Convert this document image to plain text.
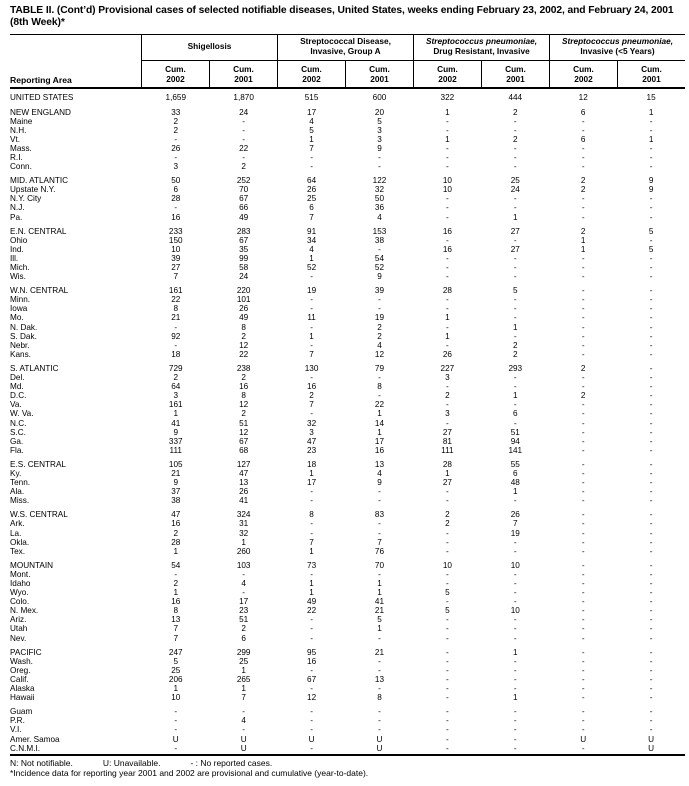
TABLE II. (Cont’d) Provisional cases of selected notifiable diseases, United States, weeks ending February 23, 2002, and February 24, 2001
(8th Week)*
Reporting Area
Shigellosis
Cum.
2002
Cum.
2001
Streptococcal Disease,
Invasive, Group A
Cum.
2002
Cum.
2001
Streptococcus pneumoniae,
Drug Resistant, Invasive
Cum.
2002
Cum.
2001
Streptococcus pneumoniae,
Invasive (<5 Years)
Cum.
2002
Cum.
2001
UNITED STATES	1,659	1,870	515	600	322	444	12	15
NEW ENGLAND	33	24	17	20	1	2	6	1
Maine	2	-	4	5	-	-	-	-
N.H.	2	-	5	3	-	-	-	-
Vt.	-	-	1	3	1	2	6	1
Mass.	26	22	7	9	-	-	-	-
R.I.	-	-	-	-	-	-	-	-
Conn.	3	2	-	-	-	-	-	-
MID. ATLANTIC	50	252	64	122	10	25	2	9
Upstate N.Y.	6	70	26	32	10	24	2	9
N.Y. City	28	67	25	50	-	-	-	-
N.J.	-	66	6	36	-	-	-	-
Pa.	16	49	7	4	-	1	-	-
E.N. CENTRAL	233	283	91	153	16	27	2	5
Ohio	150	67	34	38	-	-	1	-
Ind.	10	35	4	-	16	27	1	5
Ill.	39	99	1	54	-	-	-	-
Mich.	27	58	52	52	-	-	-	-
Wis.	7	24	-	9	-	-	-	-
W.N. CENTRAL	161	220	19	39	28	5	-	-
Minn.	22	101	-	-	-	-	-	-
Iowa	8	26	-	-	-	-	-	-
Mo.	21	49	11	19	1	-	-	-
N. Dak.	-	8	-	2	-	1	-	-
S. Dak.	92	2	1	2	1	-	-	-
Nebr.	-	12	-	4	-	2	-	-
Kans.	18	22	7	12	26	2	-	-
S. ATLANTIC	729	238	130	79	227	293	2	-
Del.	2	2	-	-	3	-	-	-
Md.	64	16	16	8	-	-	-	-
D.C.	3	8	2	-	2	1	2	-
Va.	161	12	7	22	-	-	-	-
W. Va.	1	2	-	1	3	6	-	-
N.C.	41	51	32	14	-	-	-	-
S.C.	9	12	3	1	27	51	-	-
Ga.	337	67	47	17	81	94	-	-
Fla.	111	68	23	16	111	141	-	-
E.S. CENTRAL	105	127	18	13	28	55	-	-
Ky.	21	47	1	4	1	6	-	-
Tenn.	9	13	17	9	27	48	-	-
Ala.	37	26	-	-	-	1	-	-
Miss.	38	41	-	-	-	-	-	-
W.S. CENTRAL	47	324	8	83	2	26	-	-
Ark.	16	31	-	-	2	7	-	-
La.	2	32	-	-	-	19	-	-
Okla.	28	1	7	7	-	-	-	-
Tex.	1	260	1	76	-	-	-	-
MOUNTAIN	54	103	73	70	10	10	-	-
Mont.	-	-	-	-	-	-	-	-
Idaho	2	4	1	1	-	-	-	-
Wyo.	1	-	1	1	5	-	-	-
Colo.	16	17	49	41	-	-	-	-
N. Mex.	8	23	22	21	5	10	-	-
Ariz.	13	51	-	5	-	-	-	-
Utah	7	2	-	1	-	-	-	-
Nev.	7	6	-	-	-	-	-	-
PACIFIC	247	299	95	21	-	1	-	-
Wash.	5	25	16	-	-	-	-	-
Oreg.	25	1	-	-	-	-	-	-
Calif.	206	265	67	13	-	-	-	-
Alaska	1	1	-	-	-	-	-	-
Hawaii	10	7	12	8	-	1	-	-
Guam	-	-	-	-	-	-	-	-
P.R.	-	4	-	-	-	-	-	-
V.I.	-	-	-	-	-	-	-	-
Amer. Samoa	U	U	U	U	-	-	U	U
C.N.M.I.	-	U	-	U	-	-	-	U
N: Not notifiable.	U: Unavailable.	- : No reported cases.
*Incidence data for reporting year 2001 and 2002 are provisional and cumulative (year-to-date).
